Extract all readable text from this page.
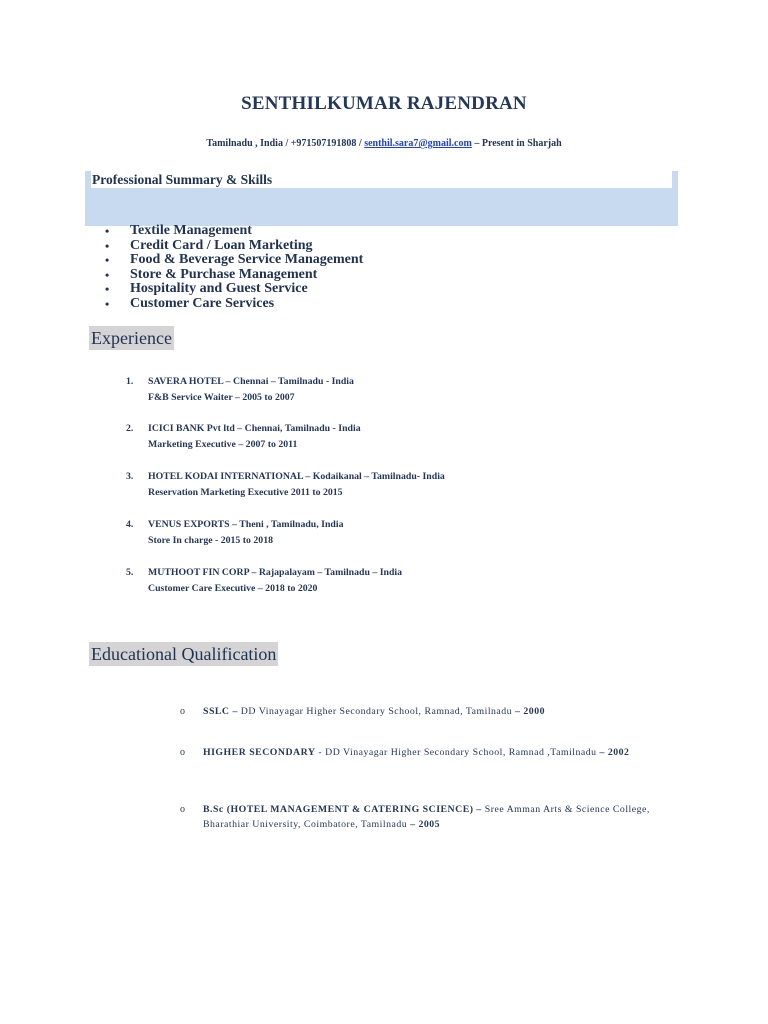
SENTHILKUMAR RAJENDRAN
Tamilnadu , India / +971507191808 / senthil.sara7@gmail.com – Present in Sharjah
Professional Summary & Skills
• Textile Management
• Credit Card / Loan Marketing
• Food & Beverage Service Management
• Store & Purchase Management
• Hospitality and Guest Service
• Customer Care Services
Experience
1. SAVERA HOTEL – Chennai – Tamilnadu - India
F&B Service Waiter – 2005 to 2007
2. ICICI BANK Pvt ltd – Chennai, Tamilnadu - India
Marketing Executive – 2007 to 2011
3. HOTEL KODAI INTERNATIONAL – Kodaikanal – Tamilnadu- India
Reservation Marketing Executive 2011 to 2015
4. VENUS EXPORTS – Theni , Tamilnadu, India
Store In charge - 2015 to 2018
5. MUTHOOT FIN CORP – Rajapalayam – Tamilnadu – India
Customer Care Executive – 2018 to 2020
Educational Qualification
o SSLC – DD Vinayagar Higher Secondary School, Ramnad, Tamilnadu – 2000
o HIGHER SECONDARY - DD Vinayagar Higher Secondary School, Ramnad ,Tamilnadu – 2002
o B.Sc (HOTEL MANAGEMENT & CATERING SCIENCE) – Sree Amman Arts & Science College, Bharathiar University, Coimbatore, Tamilnadu – 2005
